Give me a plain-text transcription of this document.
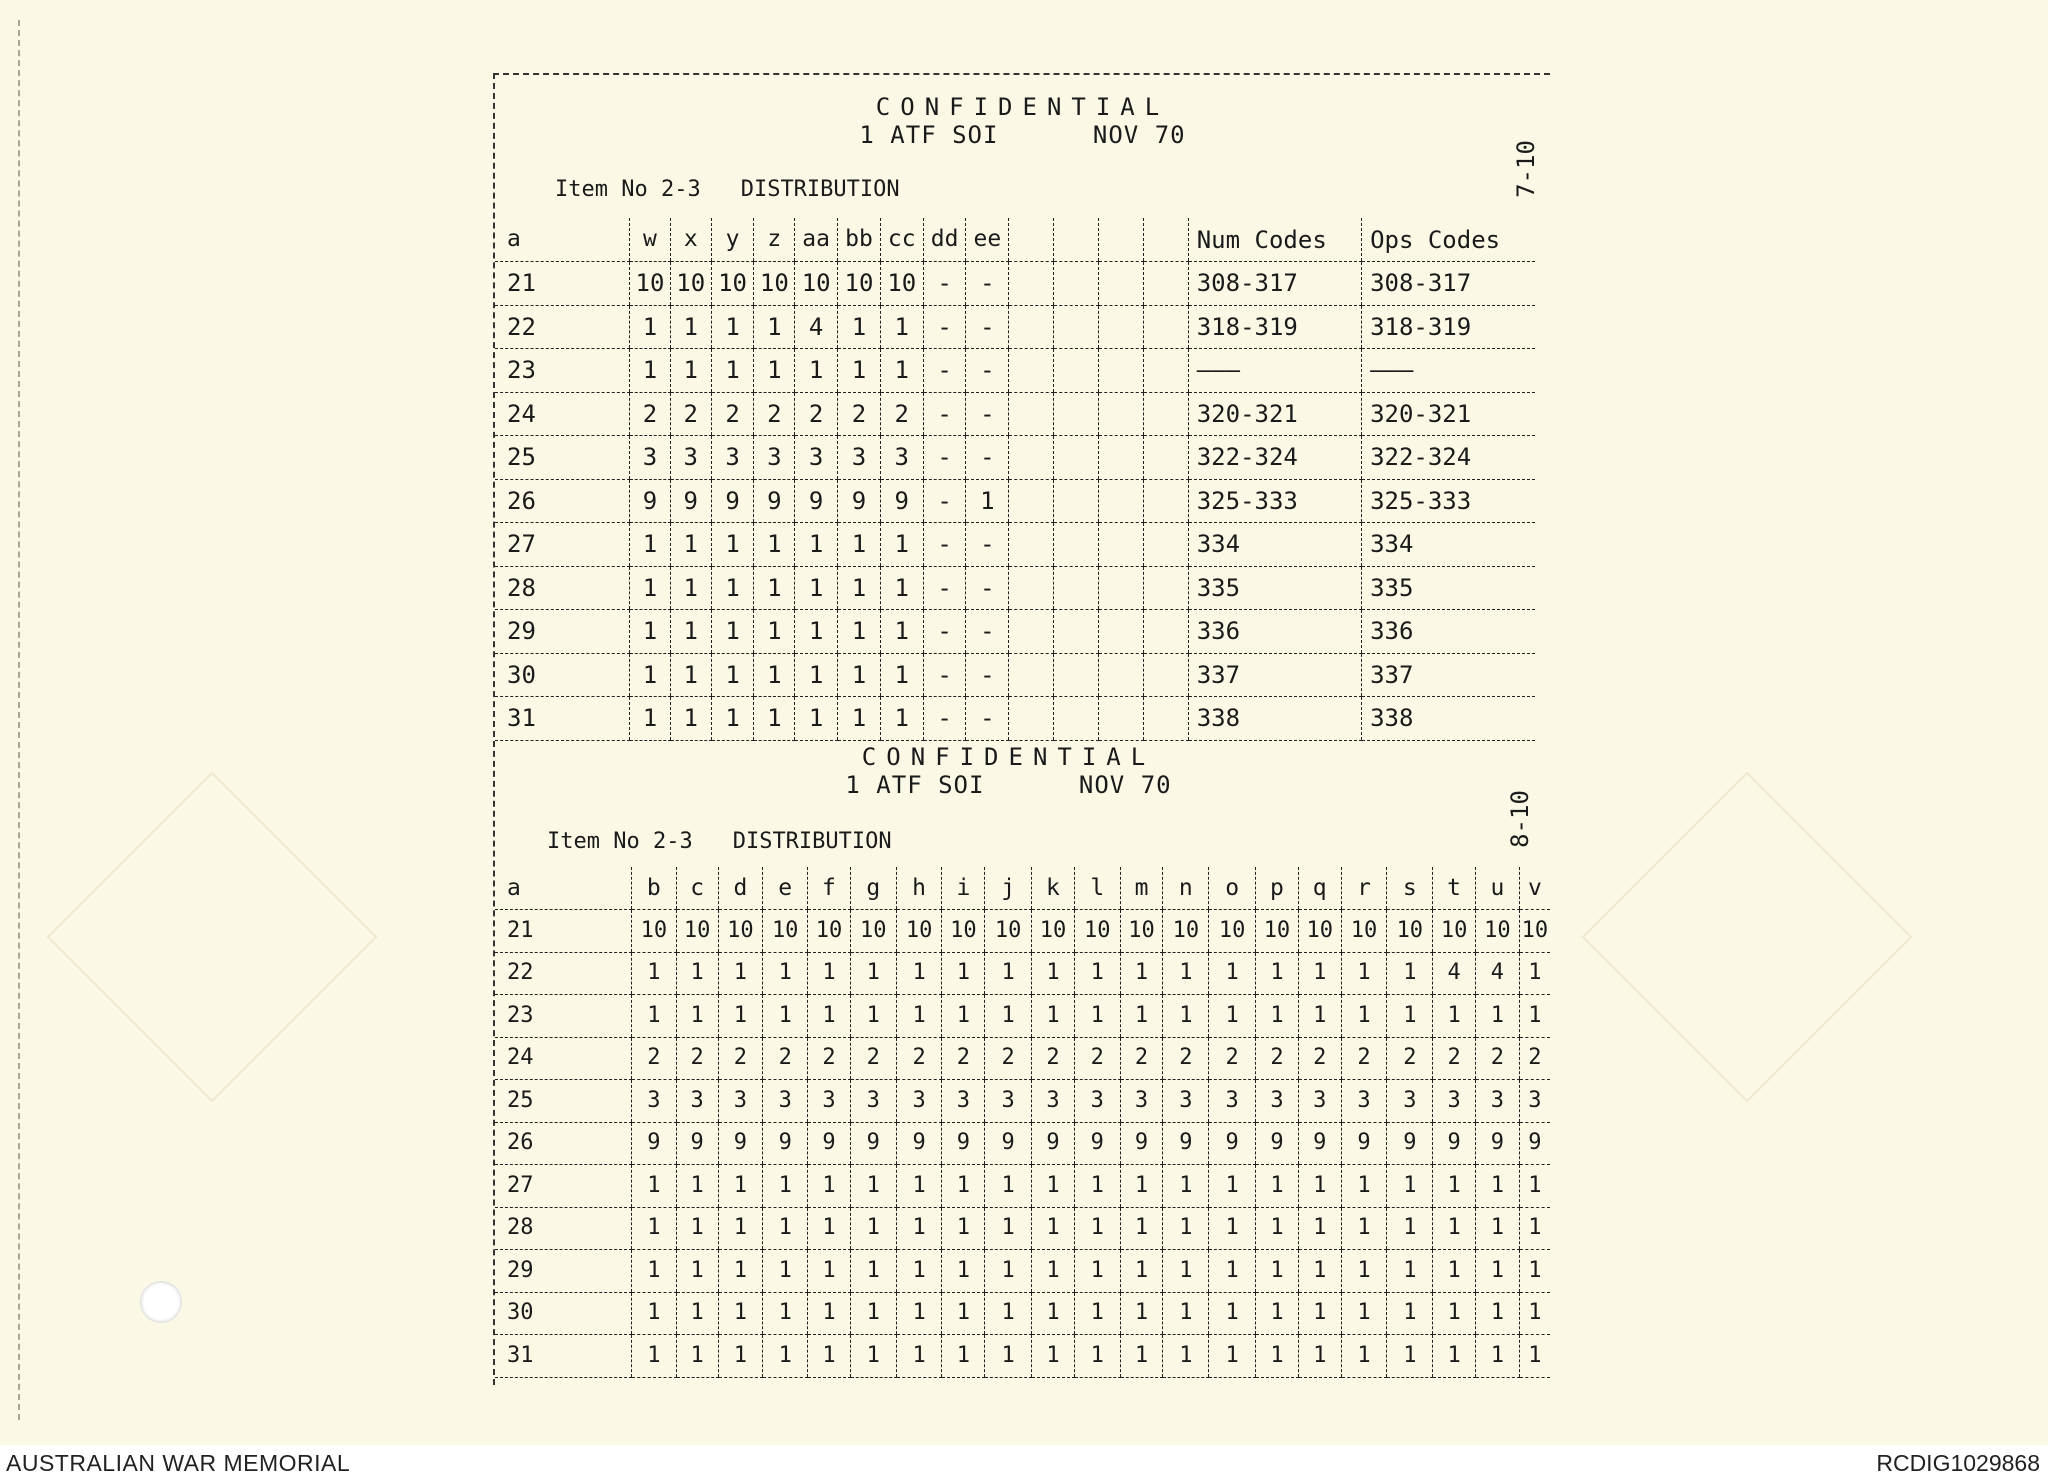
CONFIDENTIAL
1 ATF SOI	NOV 70
Item No 2-3 DISTRIBUTION	7-10
a	w	x	y	z	aa	bb	cc	dd	ee					Num Codes	Ops Codes
21	10	10	10	10	10	10	10	-	-					308-317	308-317
22	1	1	1	1	4	1	1	-	-					318-319	318-319
23	1	1	1	1	1	1	1	-	-					———	———
24	2	2	2	2	2	2	2	-	-					320-321	320-321
25	3	3	3	3	3	3	3	-	-					322-324	322-324
26	9	9	9	9	9	9	9	-	1					325-333	325-333
27	1	1	1	1	1	1	1	-	-					334	334
28	1	1	1	1	1	1	1	-	-					335	335
29	1	1	1	1	1	1	1	-	-					336	336
30	1	1	1	1	1	1	1	-	-					337	337
31	1	1	1	1	1	1	1	-	-					338	338
CONFIDENTIAL
1 ATF SOI	NOV 70
Item No 2-3 DISTRIBUTION	8-10
a	b	c	d	e	f	g	h	i	j	k	l	m	n	o	p	q	r	s	t	u	v
21	10	10	10	10	10	10	10	10	10	10	10	10	10	10	10	10	10	10	10	10	10
22	1	1	1	1	1	1	1	1	1	1	1	1	1	1	1	1	1	1	4	4	1
23	1	1	1	1	1	1	1	1	1	1	1	1	1	1	1	1	1	1	1	1	1
24	2	2	2	2	2	2	2	2	2	2	2	2	2	2	2	2	2	2	2	2	2
25	3	3	3	3	3	3	3	3	3	3	3	3	3	3	3	3	3	3	3	3	3
26	9	9	9	9	9	9	9	9	9	9	9	9	9	9	9	9	9	9	9	9	9
27	1	1	1	1	1	1	1	1	1	1	1	1	1	1	1	1	1	1	1	1	1
28	1	1	1	1	1	1	1	1	1	1	1	1	1	1	1	1	1	1	1	1	1
29	1	1	1	1	1	1	1	1	1	1	1	1	1	1	1	1	1	1	1	1	1
30	1	1	1	1	1	1	1	1	1	1	1	1	1	1	1	1	1	1	1	1	1
31	1	1	1	1	1	1	1	1	1	1	1	1	1	1	1	1	1	1	1	1	1
AUSTRALIAN WAR MEMORIAL	RCDIG1029868
